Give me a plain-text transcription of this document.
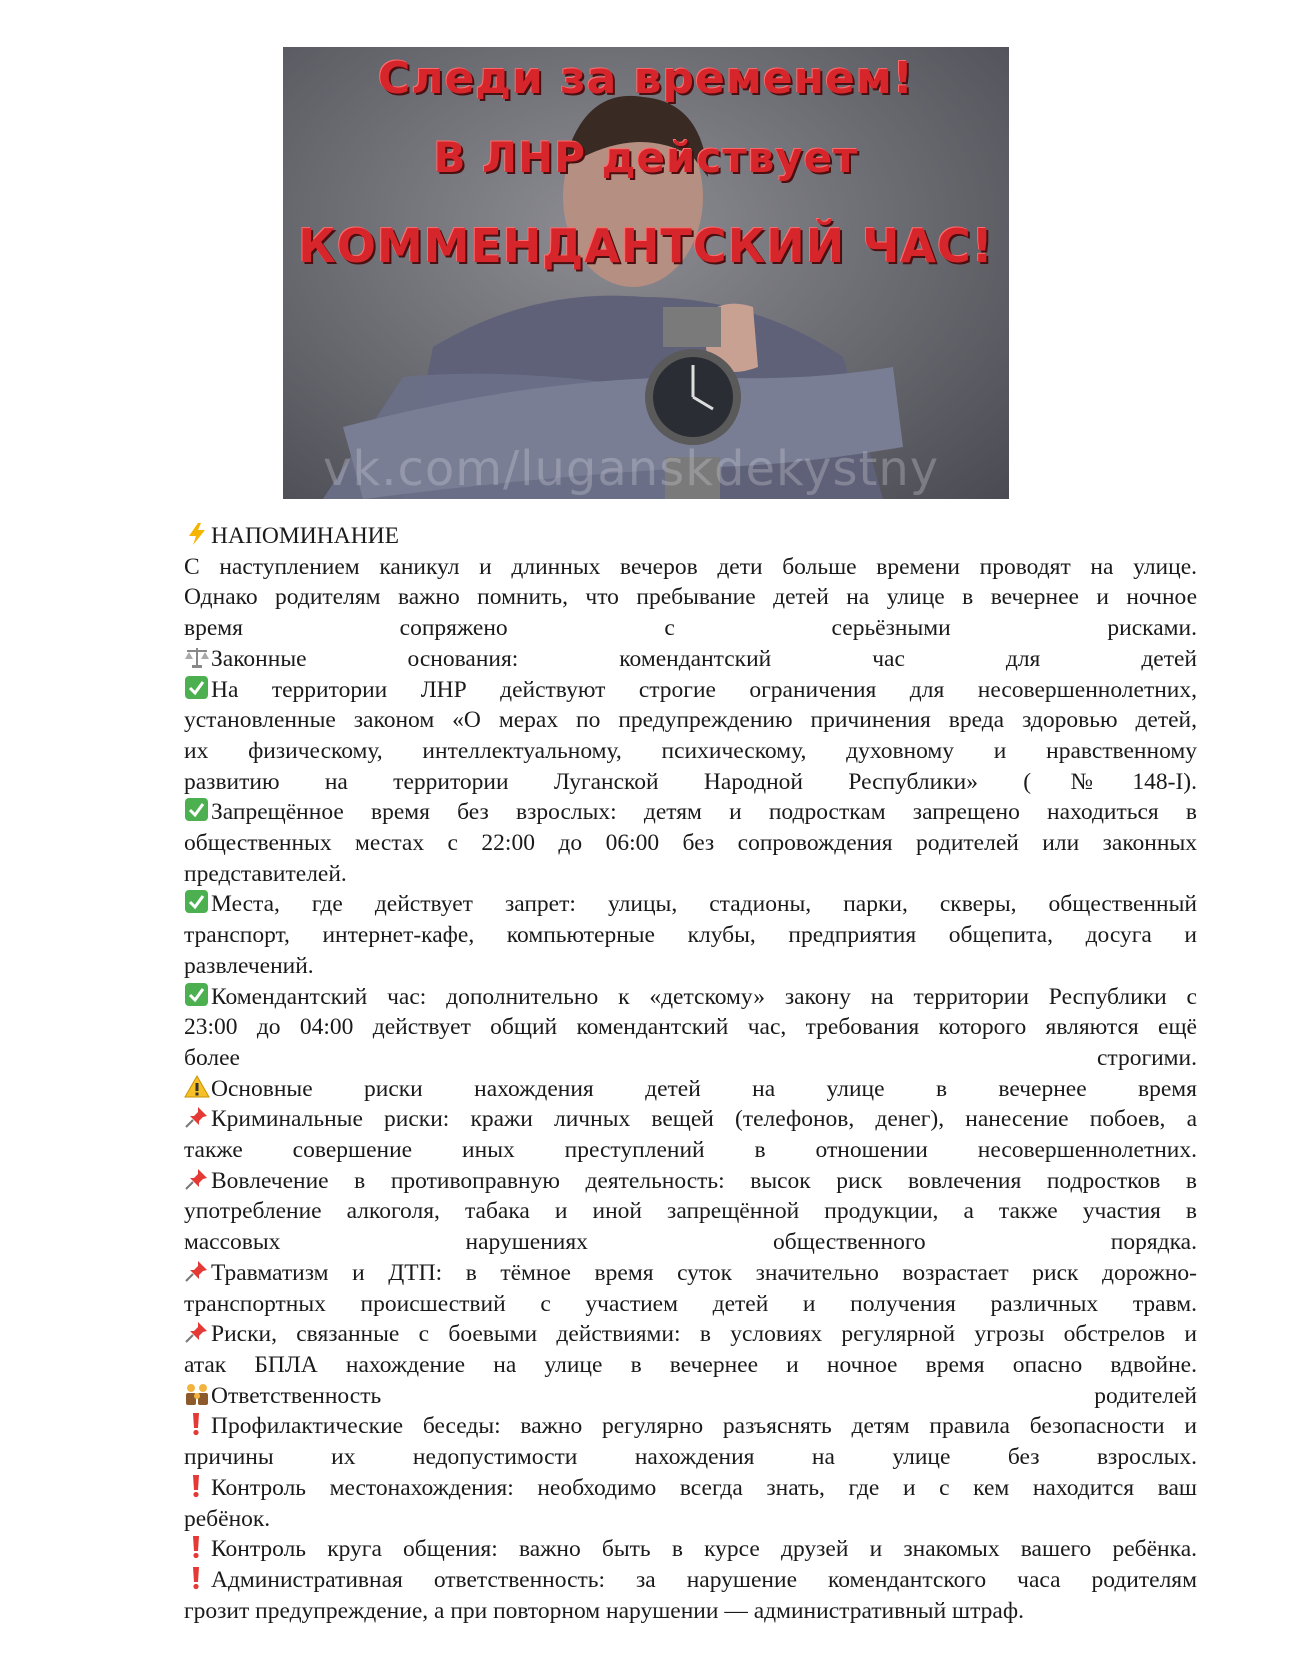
Следи за временем!
В ЛНР действует
КОММЕНДАНТСКИЙ ЧАС!
vk.com/luganskdekystny
НАПОМИНАНИЕ
С наступлением каникул и длинных вечеров дети больше времени проводят на улице.
Однако родителям важно помнить, что пребывание детей на улице в вечернее и ночное
время сопряжено с серьёзными рисками.
Законные основания: комендантский час для детей
На территории ЛНР действуют строгие ограничения для несовершеннолетних,
установленные законом «О мерах по предупреждению причинения вреда здоровью детей,
их физическому, интеллектуальному, психическому, духовному и нравственному
развитию на территории Луганской Народной Республики» (№148-I).
Запрещённое время без взрослых: детям и подросткам запрещено находиться в
общественных местах с 22:00 до 06:00 без сопровождения родителей или законных
представителей.
Места, где действует запрет: улицы, стадионы, парки, скверы, общественный
транспорт, интернет-кафе, компьютерные клубы, предприятия общепита, досуга и
развлечений.
Комендантский час: дополнительно к «детскому» закону на территории Республики с
23:00 до 04:00 действует общий комендантский час, требования которого являются ещё
более строгими.
Основные риски нахождения детей на улице в вечернее время
Криминальные риски: кражи личных вещей (телефонов, денег), нанесение побоев, а
также совершение иных преступлений в отношении несовершеннолетних.
Вовлечение в противоправную деятельность: высок риск вовлечения подростков в
употребление алкоголя, табака и иной запрещённой продукции, а также участия в
массовых нарушениях общественного порядка.
Травматизм и ДТП: в тёмное время суток значительно возрастает риск дорожно-
транспортных происшествий с участием детей и получения различных травм.
Риски, связанные с боевыми действиями: в условиях регулярной угрозы обстрелов и
атак БПЛА нахождение на улице в вечернее и ночное время опасно вдвойне.
Ответственность родителей
Профилактические беседы: важно регулярно разъяснять детям правила безопасности и
причины их недопустимости нахождения на улице без взрослых.
Контроль местонахождения: необходимо всегда знать, где и с кем находится ваш
ребёнок.
Контроль круга общения: важно быть в курсе друзей и знакомых вашего ребёнка.
Административная ответственность: за нарушение комендантского часа родителям
грозит предупреждение, а при повторном нарушении — административный штраф.
